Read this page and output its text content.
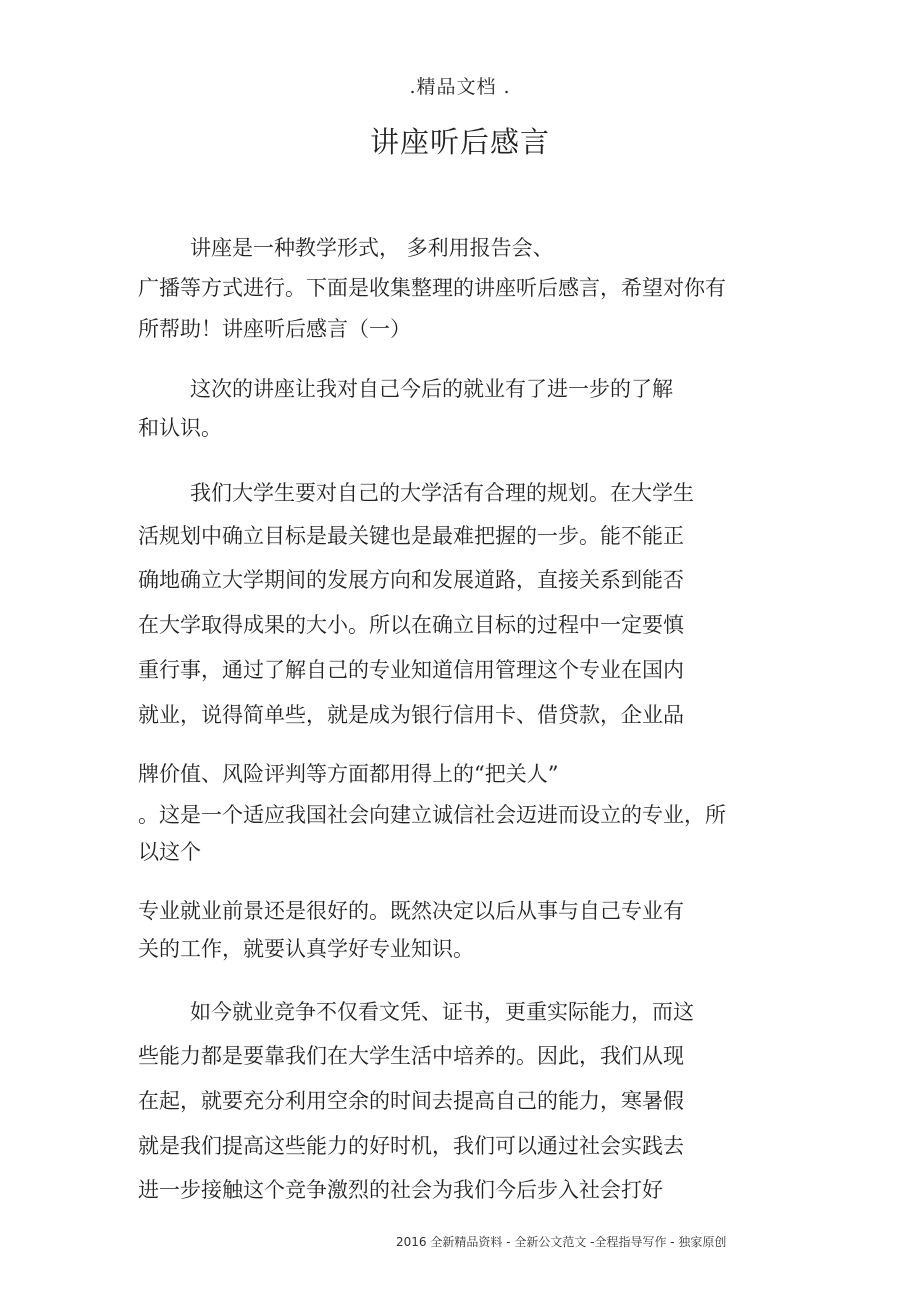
.精品文档 .
讲座听后感言
讲座是一种教学形式， 多利用报告会、
广播等方式进行。下面是收集整理的讲座听后感言，希望对你有
所帮助！讲座听后感言（一）
这次的讲座让我对自己今后的就业有了进一步的了解
和认识。
我们大学生要对自己的大学活有合理的规划。在大学生
活规划中确立目标是最关键也是最难把握的一步。能不能正
确地确立大学期间的发展方向和发展道路，直接关系到能否
在大学取得成果的大小。所以在确立目标的过程中一定要慎
重行事，通过了解自己的专业知道信用管理这个专业在国内
就业，说得简单些，就是成为银行信用卡、借贷款，企业品
牌价值、风险评判等方面都用得上的“把关人”
。这是一个适应我国社会向建立诚信社会迈进而设立的专业，所
以这个
专业就业前景还是很好的。既然决定以后从事与自己专业有
关的工作，就要认真学好专业知识。
如今就业竞争不仅看文凭、证书，更重实际能力，而这
些能力都是要靠我们在大学生活中培养的。因此，我们从现
在起，就要充分利用空余的时间去提高自己的能力，寒暑假
就是我们提高这些能力的好时机，我们可以通过社会实践去
进一步接触这个竞争激烈的社会为我们今后步入社会打好
2016 全新精品资料 - 全新公文范文 -全程指导写作 - 独家原创
